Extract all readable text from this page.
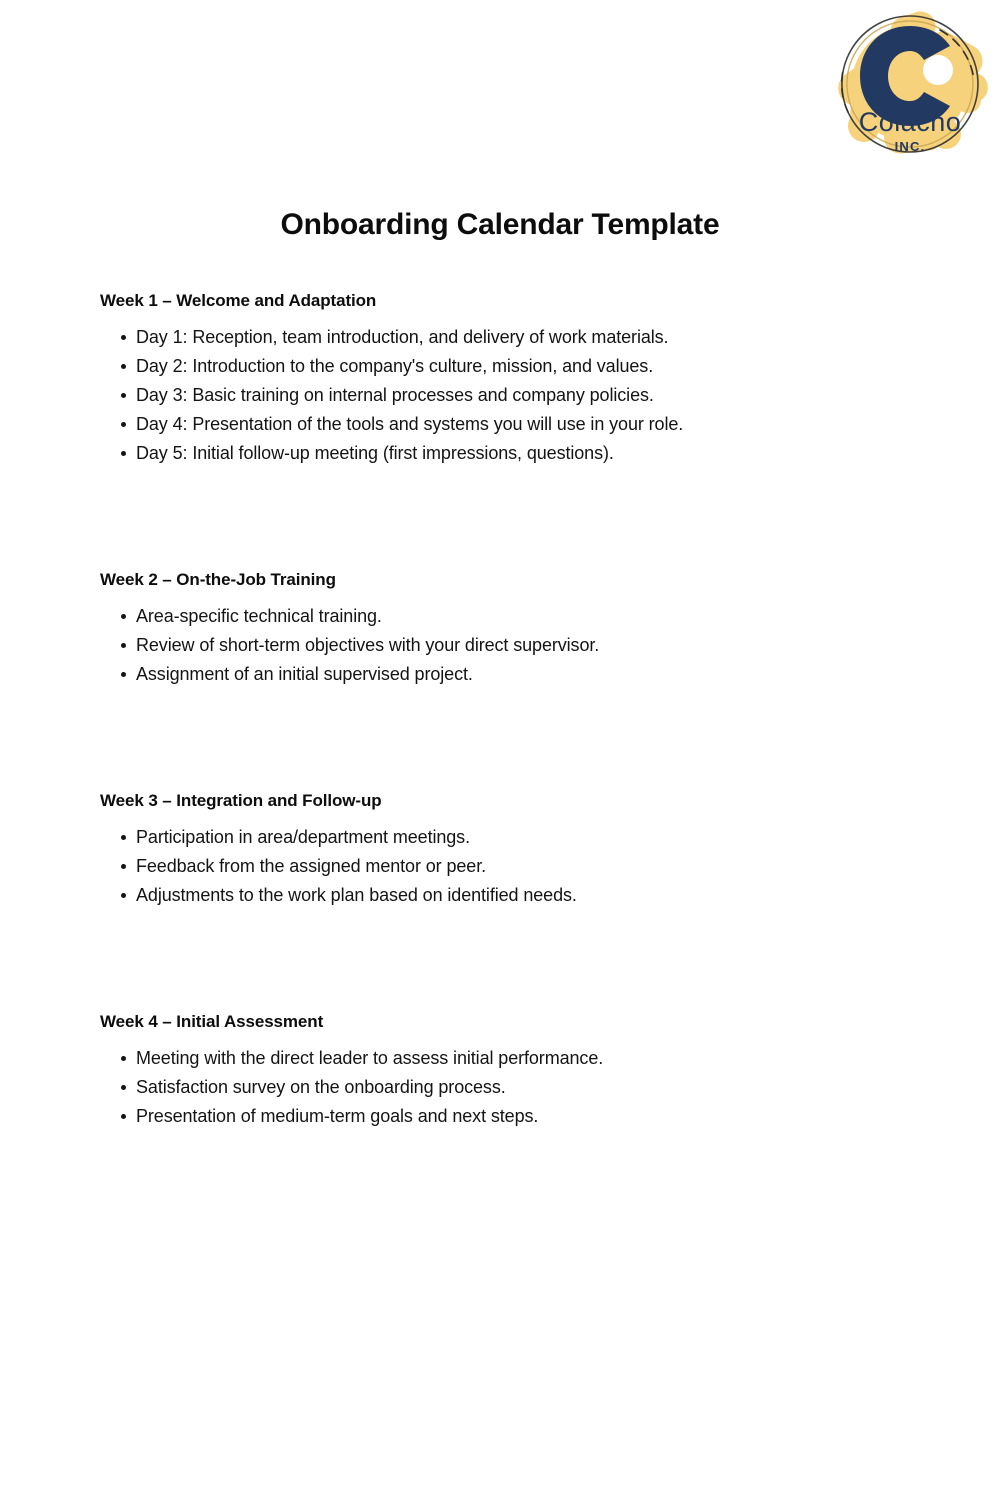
Colacho
INC.
Onboarding Calendar Template
Week 1 – Welcome and Adaptation
Day 1: Reception, team introduction, and delivery of work materials.
Day 2: Introduction to the company's culture, mission, and values.
Day 3: Basic training on internal processes and company policies.
Day 4: Presentation of the tools and systems you will use in your role.
Day 5: Initial follow-up meeting (first impressions, questions).
Week 2 – On-the-Job Training
Area-specific technical training.
Review of short-term objectives with your direct supervisor.
Assignment of an initial supervised project.
Week 3 – Integration and Follow-up
Participation in area/department meetings.
Feedback from the assigned mentor or peer.
Adjustments to the work plan based on identified needs.
Week 4 – Initial Assessment
Meeting with the direct leader to assess initial performance.
Satisfaction survey on the onboarding process.
Presentation of medium-term goals and next steps.
